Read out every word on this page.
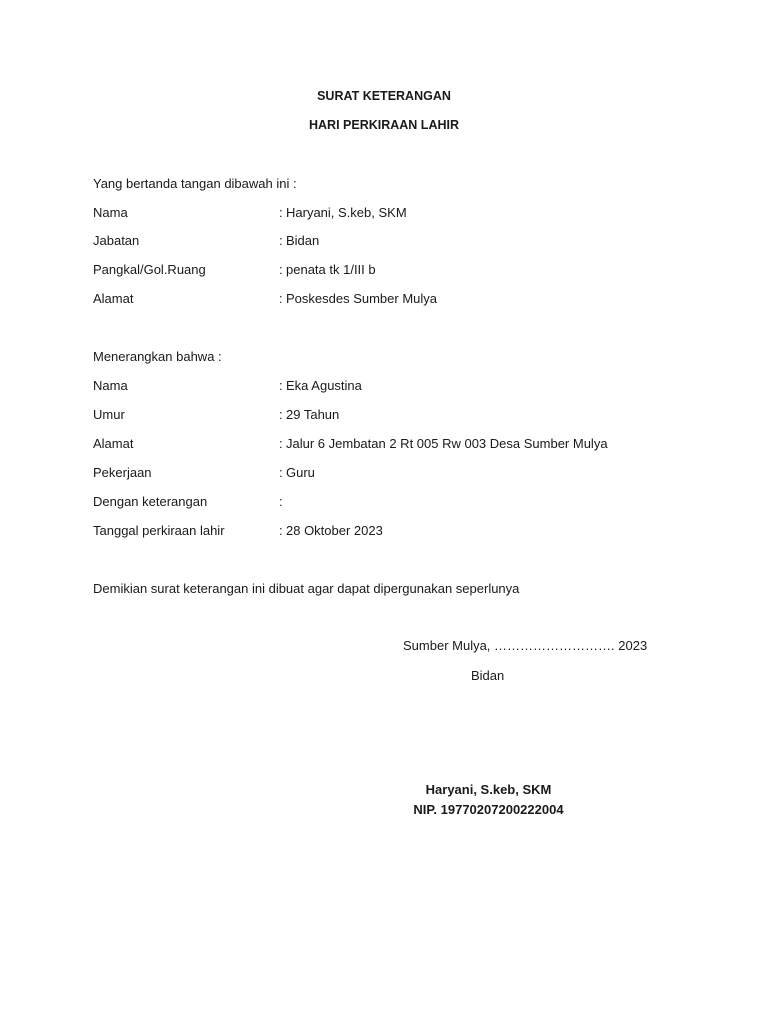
SURAT KETERANGAN
HARI PERKIRAAN LAHIR
Yang bertanda tangan dibawah ini :
Nama	: Haryani, S.keb, SKM
Jabatan	: Bidan
Pangkal/Gol.Ruang	: penata tk 1/III b
Alamat	: Poskesdes Sumber Mulya
Menerangkan bahwa :
Nama	: Eka Agustina
Umur	: 29 Tahun
Alamat	: Jalur 6 Jembatan 2 Rt 005 Rw 003 Desa Sumber Mulya
Pekerjaan	: Guru
Dengan keterangan	:
Tanggal perkiraan lahir	: 28 Oktober 2023
Demikian surat keterangan ini dibuat agar dapat dipergunakan seperlunya
Sumber Mulya, ………………………. 2023
Bidan
Haryani, S.keb, SKM
NIP. 19770207200222004
